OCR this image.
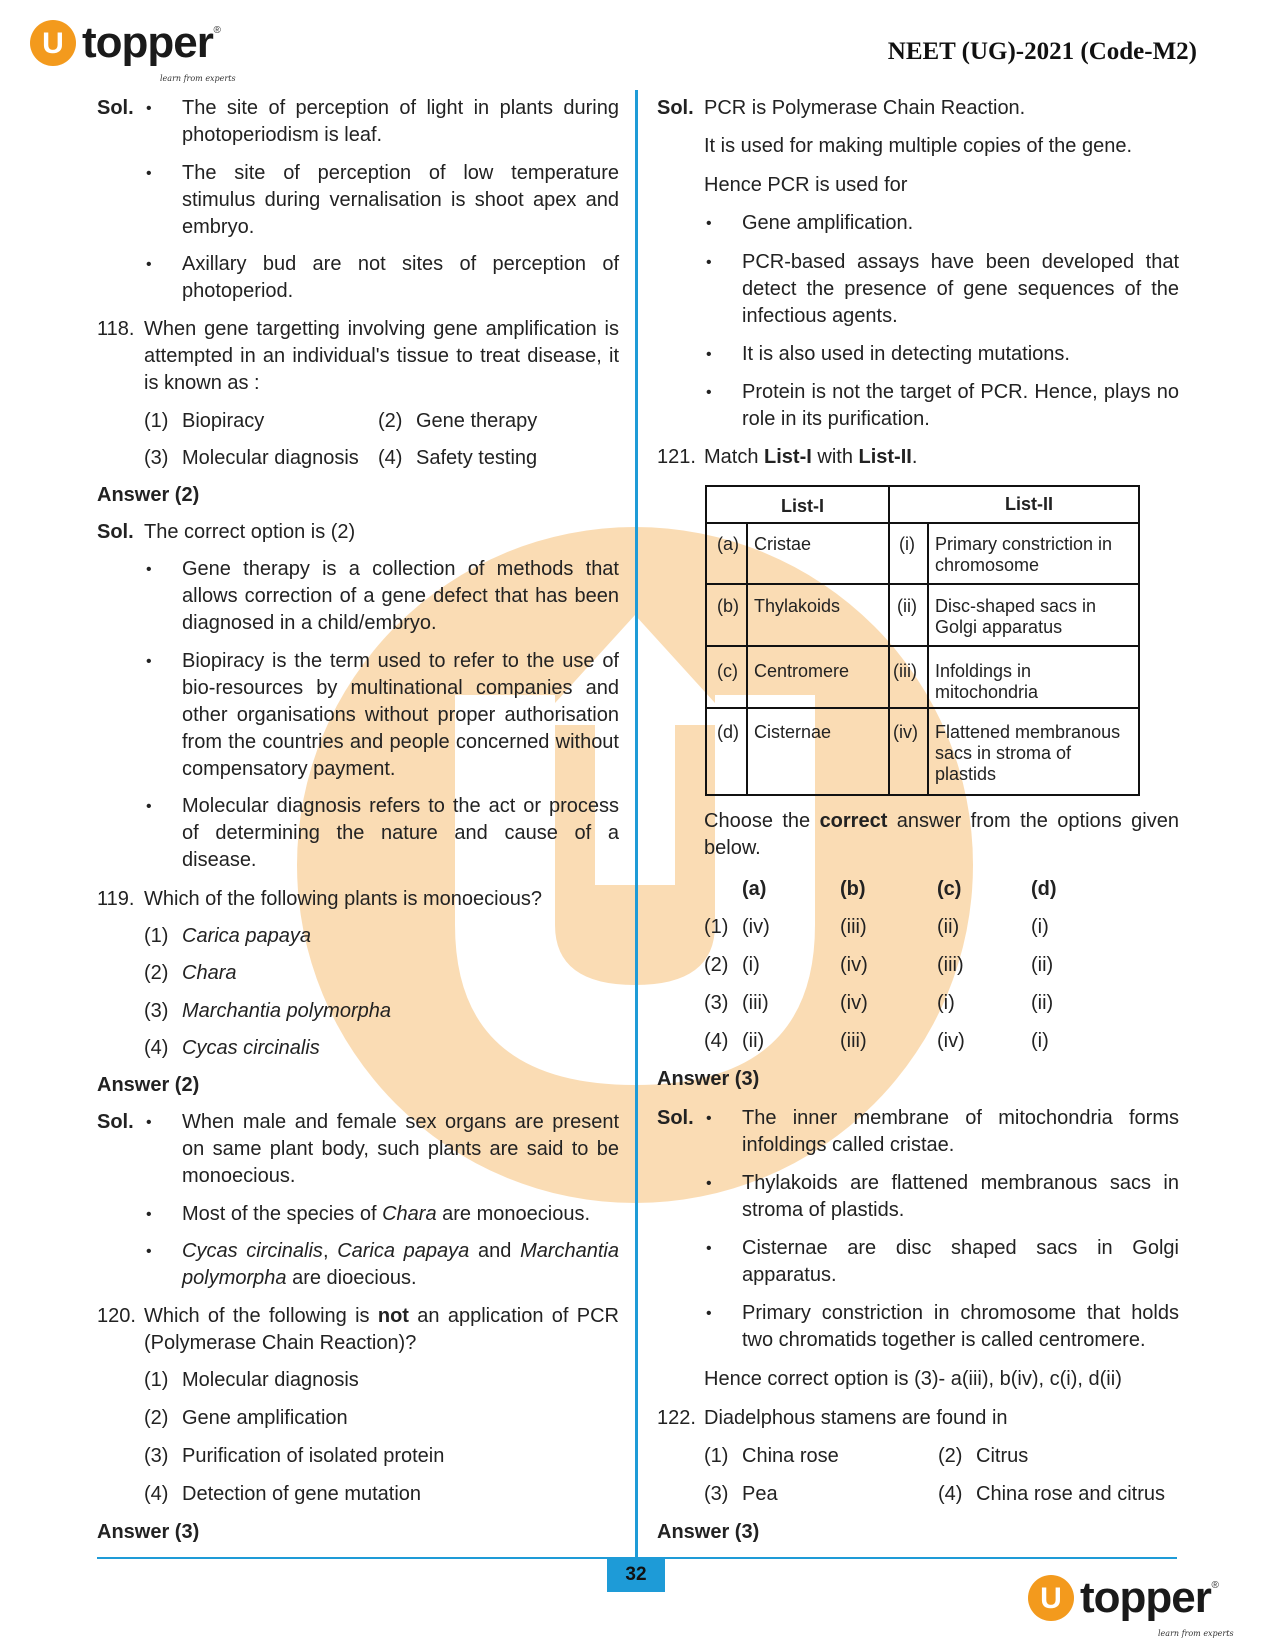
U topper
learn from experts
®
NEET (UG)-2021 (Code-M2)
Sol. • The site of perception of light in plants during photoperiodism is leaf.
• The site of perception of low temperature stimulus during vernalisation is shoot apex and embryo.
• Axillary bud are not sites of perception of photoperiod.
118. When gene targetting involving gene amplification is attempted in an individual's tissue to treat disease, it is known as :
(1) Biopiracy	(2) Gene therapy
(3) Molecular diagnosis (4) Safety testing
Answer (2)
Sol. The correct option is (2)
• Gene therapy is a collection of methods that allows correction of a gene defect that has been diagnosed in a child/embryo.
• Biopiracy is the term used to refer to the use of bio-resources by multinational companies and other organisations without proper authorisation from the countries and people concerned without compensatory payment.
• Molecular diagnosis refers to the act or process of determining the nature and cause of a disease.
119. Which of the following plants is monoecious?
(1) Carica papaya
(2) Chara
(3) Marchantia polymorpha
(4) Cycas circinalis
Answer (2)
Sol. • When male and female sex organs are present on same plant body, such plants are said to be monoecious.
• Most of the species of Chara are monoecious.
• Cycas circinalis, Carica papaya and Marchantia polymorpha are dioecious.
120. Which of the following is not an application of PCR (Polymerase Chain Reaction)?
(1) Molecular diagnosis
(2) Gene amplification
(3) Purification of isolated protein
(4) Detection of gene mutation
Answer (3)
Sol. PCR is Polymerase Chain Reaction.
It is used for making multiple copies of the gene.
Hence PCR is used for
• Gene amplification.
• PCR-based assays have been developed that detect the presence of gene sequences of the infectious agents.
• It is also used in detecting mutations.
• Protein is not the target of PCR. Hence, plays no role in its purification.
121. Match List-I with List-II.
List-I	List-II
(a) Cristae	(i) Primary constriction in
chromosome
(b) Thylakoids	(ii) Disc-shaped sacs in
Golgi apparatus
(c) Centromere (iii) Infoldings in
mitochondria
(d) Cisternae	(iv) Flattened membranous
sacs in stroma of
plastids
Choose the correct answer from the options given below.
(a)	(b)	(c)	(d)
(1) (iv)	(iii)	(ii)	(i)
(2) (i)	(iv)	(iii)	(ii)
(3) (iii)	(iv)	(i)	(ii)
(4) (ii)	(iii)	(iv)	(i)
Answer (3)
Sol. • The inner membrane of mitochondria forms infoldings called cristae.
• Thylakoids are flattened membranous sacs in stroma of plastids.
• Cisternae are disc shaped sacs in Golgi apparatus.
• Primary constriction in chromosome that holds two chromatids together is called centromere.
Hence correct option is (3)- a(iii), b(iv), c(i), d(ii)
122. Diadelphous stamens are found in
(1) China rose	(2) Citrus
(3) Pea	(4) China rose and citrus
Answer (3)
32
U topper
learn from experts
®
